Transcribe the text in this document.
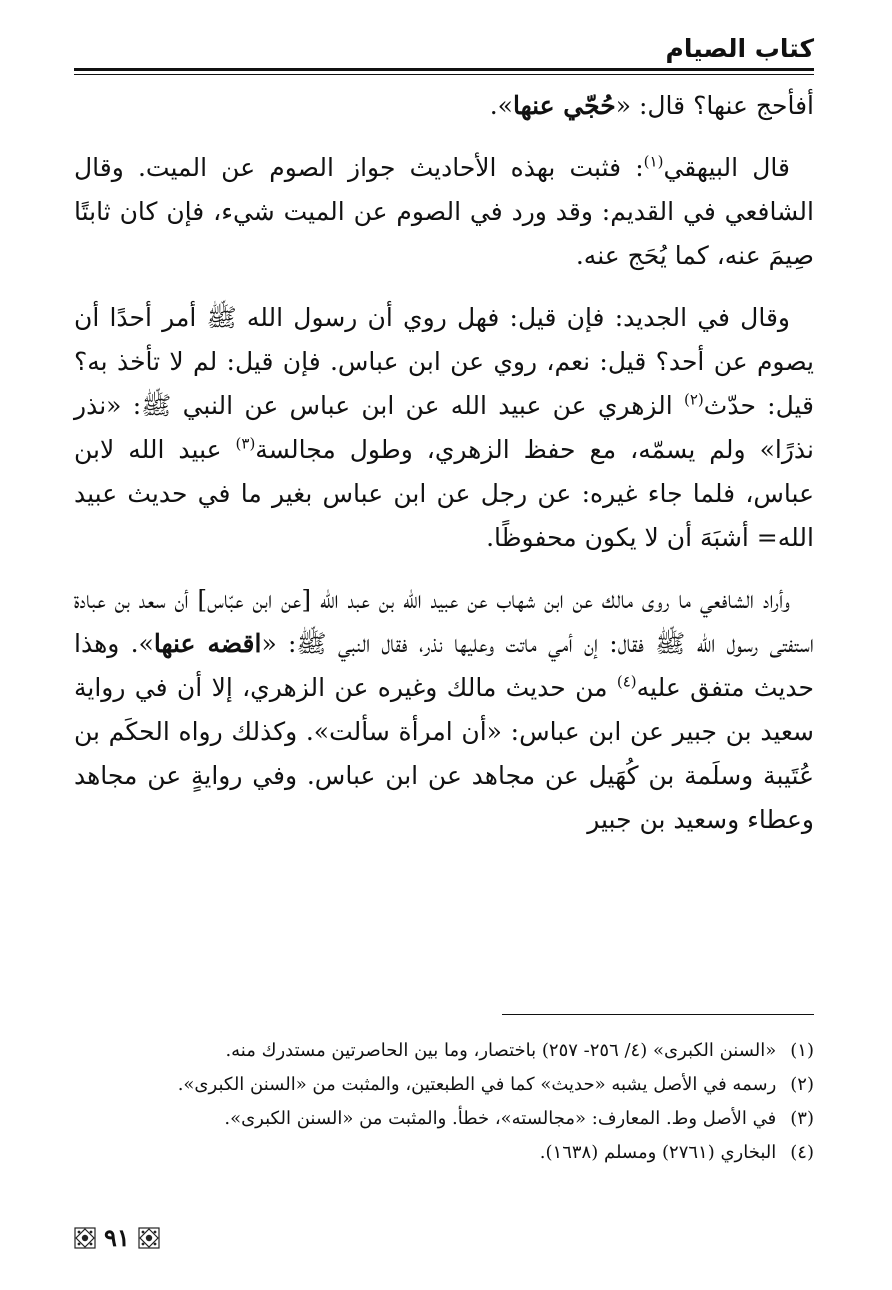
كتاب الصيام

أفأحج عنها؟ قال: «حُجّي عنها».

قال البيهقي$^{(١)}$: فثبت بهذه الأحاديث جواز الصوم عن الميت. وقال الشافعي في القديم: وقد ورد في الصوم عن الميت شيء، فإن كان ثابتًا صِيمَ عنه، كما يُحَج عنه.

وقال في الجديد: فإن قيل: فهل روي أن رسول الله ﷺ أمر أحدًا أن يصوم عن أحد؟ قيل: نعم، روي عن ابن عباس. فإن قيل: لم لا تأخذ به؟ قيل: حدّث$^{(٢)}$ الزهري عن عبيد الله عن ابن عباس عن النبي ﷺ: «نذر نذرًا» ولم يسمّه، مع حفظ الزهري، وطول مجالسة$^{(٣)}$ عبيد الله لابن عباس، فلما جاء غيره: عن رجل عن ابن عباس بغير ما في حديث عبيد الله= أشبَهَ أن لا يكون محفوظًا.

وأراد الشافعي ما روى مالك عن ابن شهاب عن عبيد الله بن عبد الله [عن ابن عبّاس] أن سعد بن عبادة استفتى رسول الله ﷺ فقال: إن أمي ماتت وعليها نذر، فقال النبي ﷺ: «اقضه عنها». وهذا حديث متفق عليه$^{(٤)}$ من حديث مالك وغيره عن الزهري، إلا أن في رواية سعيد بن جبير عن ابن عباس: «أن امرأة سألت». وكذلك رواه الحكَم بن عُتَيبة وسلَمة بن كُهَيل عن مجاهد عن ابن عباس. وفي روايةٍ عن مجاهد وعطاء وسعيد بن جبير

(١)
«السنن الكبرى» (٤/ ٢٥٦- ٢٥٧) باختصار، وما بين الحاصرتين مستدرك منه.
(٢)
رسمه في الأصل يشبه «حديث» كما في الطبعتين، والمثبت من «السنن الكبرى».
(٣)
في الأصل وط. المعارف: «مجالسته»، خطأ. والمثبت من «السنن الكبرى».
(٤)
البخاري (٢٧٦١) ومسلم (١٦٣٨).
٩١
